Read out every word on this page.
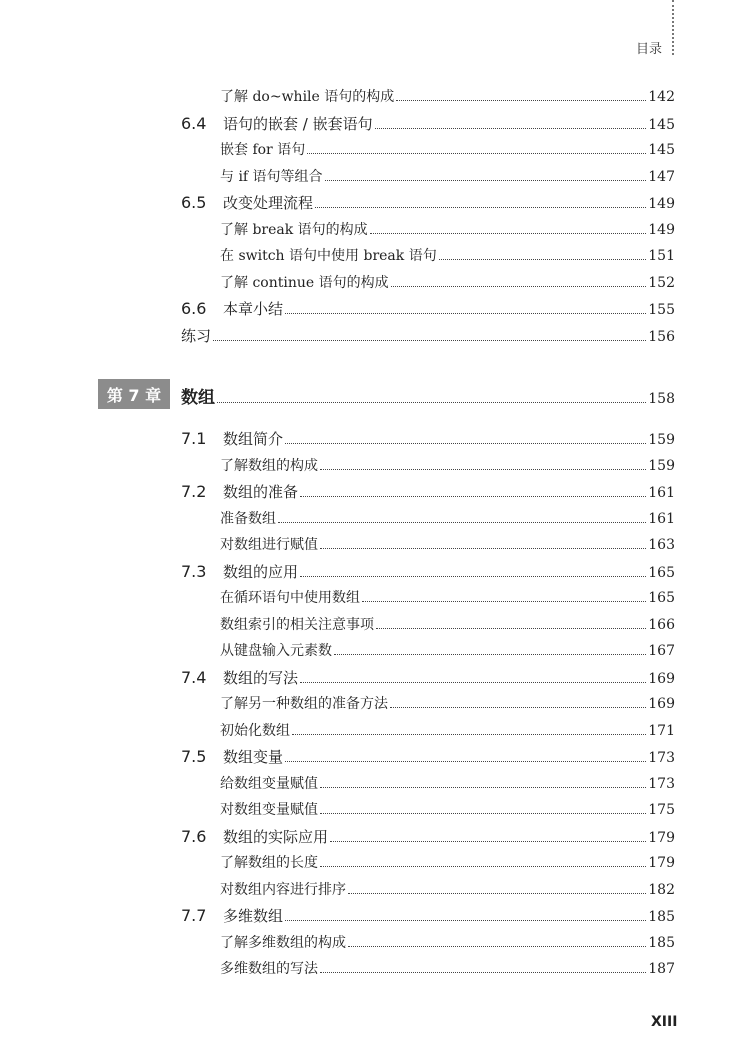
目录
了解 do~while 语句的构成	142
6.4	语句的嵌套 / 嵌套语句	145
嵌套 for 语句	145
与 if 语句等组合	147
6.5	改变处理流程	149
了解 break 语句的构成	149
在 switch 语句中使用 break 语句	151
了解 continue 语句的构成	152
6.6	本章小结	155
练习	156
第 7 章	数组	158
7.1	数组简介	159
了解数组的构成	159
7.2	数组的准备	161
准备数组	161
对数组进行赋值	163
7.3	数组的应用	165
在循环语句中使用数组	165
数组索引的相关注意事项	166
从键盘输入元素数	167
7.4	数组的写法	169
了解另一种数组的准备方法	169
初始化数组	171
7.5	数组变量	173
给数组变量赋值	173
对数组变量赋值	175
7.6	数组的实际应用	179
了解数组的长度	179
对数组内容进行排序	182
7.7	多维数组	185
了解多维数组的构成	185
多维数组的写法	187
XIII
